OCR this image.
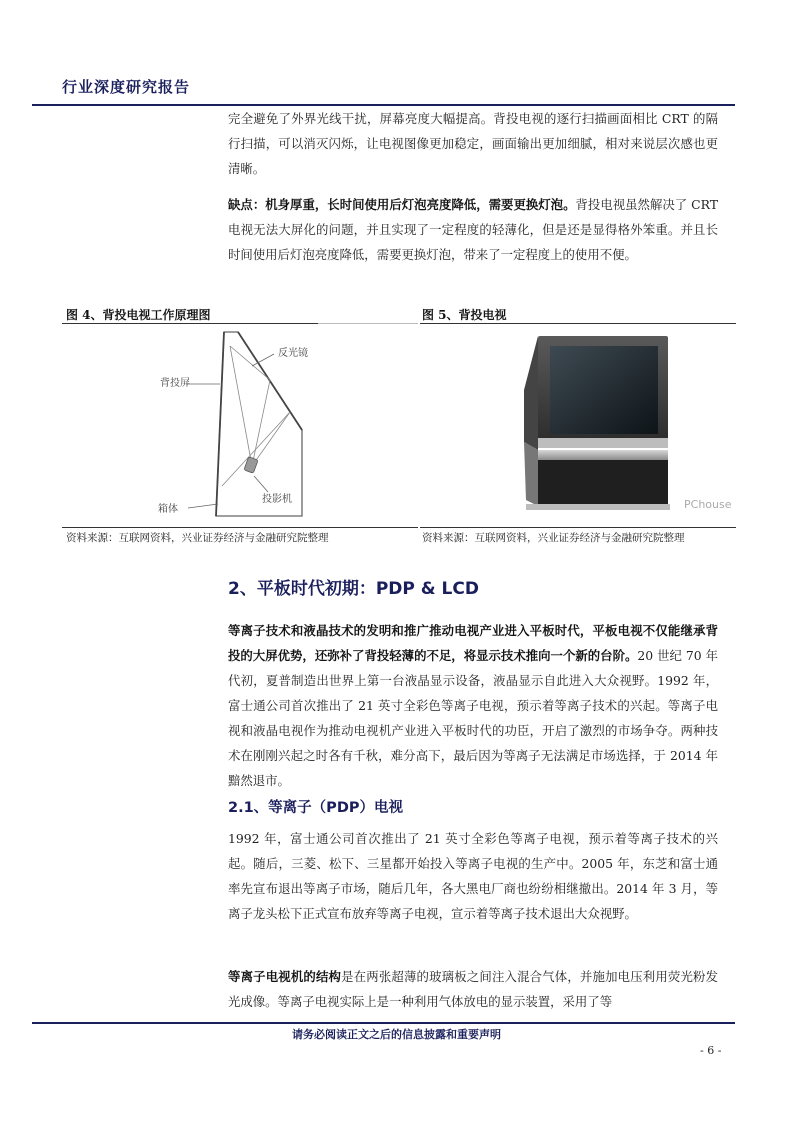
行业深度研究报告
完全避免了外界光线干扰，屏幕亮度大幅提高。背投电视的逐行扫描画面相比 CRT 的隔行扫描，可以消灭闪烁，让电视图像更加稳定，画面输出更加细腻，相对来说层次感也更清晰。
缺点：机身厚重，长时间使用后灯泡亮度降低，需要更换灯泡。背投电视虽然解决了 CRT 电视无法大屏化的问题，并且实现了一定程度的轻薄化，但是还是显得格外笨重。并且长时间使用后灯泡亮度降低，需要更换灯泡，带来了一定程度上的使用不便。
图 4、背投电视工作原理图	图 5、背投电视
背投屏
反光镜
投影机
箱体	PChouse
资料来源：互联网资料，兴业证券经济与金融研究院整理	资料来源：互联网资料，兴业证券经济与金融研究院整理
2、平板时代初期：PDP & LCD
等离子技术和液晶技术的发明和推广推动电视产业进入平板时代，平板电视不仅能继承背投的大屏优势，还弥补了背投轻薄的不足，将显示技术推向一个新的台阶。20 世纪 70 年代初，夏普制造出世界上第一台液晶显示设备，液晶显示自此进入大众视野。1992 年，富士通公司首次推出了 21 英寸全彩色等离子电视，预示着等离子技术的兴起。等离子电视和液晶电视作为推动电视机产业进入平板时代的功臣，开启了激烈的市场争夺。两种技术在刚刚兴起之时各有千秋，难分高下，最后因为等离子无法满足市场选择，于 2014 年黯然退市。
2.1、等离子（PDP）电视
1992 年，富士通公司首次推出了 21 英寸全彩色等离子电视，预示着等离子技术的兴起。随后，三菱、松下、三星都开始投入等离子电视的生产中。2005 年，东芝和富士通率先宣布退出等离子市场，随后几年，各大黑电厂商也纷纷相继撤出。2014 年 3 月，等离子龙头松下正式宣布放弃等离子电视，宣示着等离子技术退出大众视野。
等离子电视机的结构是在两张超薄的玻璃板之间注入混合气体，并施加电压利用荧光粉发光成像。等离子电视实际上是一种利用气体放电的显示装置，采用了等
请务必阅读正文之后的信息披露和重要声明
- 6 -
